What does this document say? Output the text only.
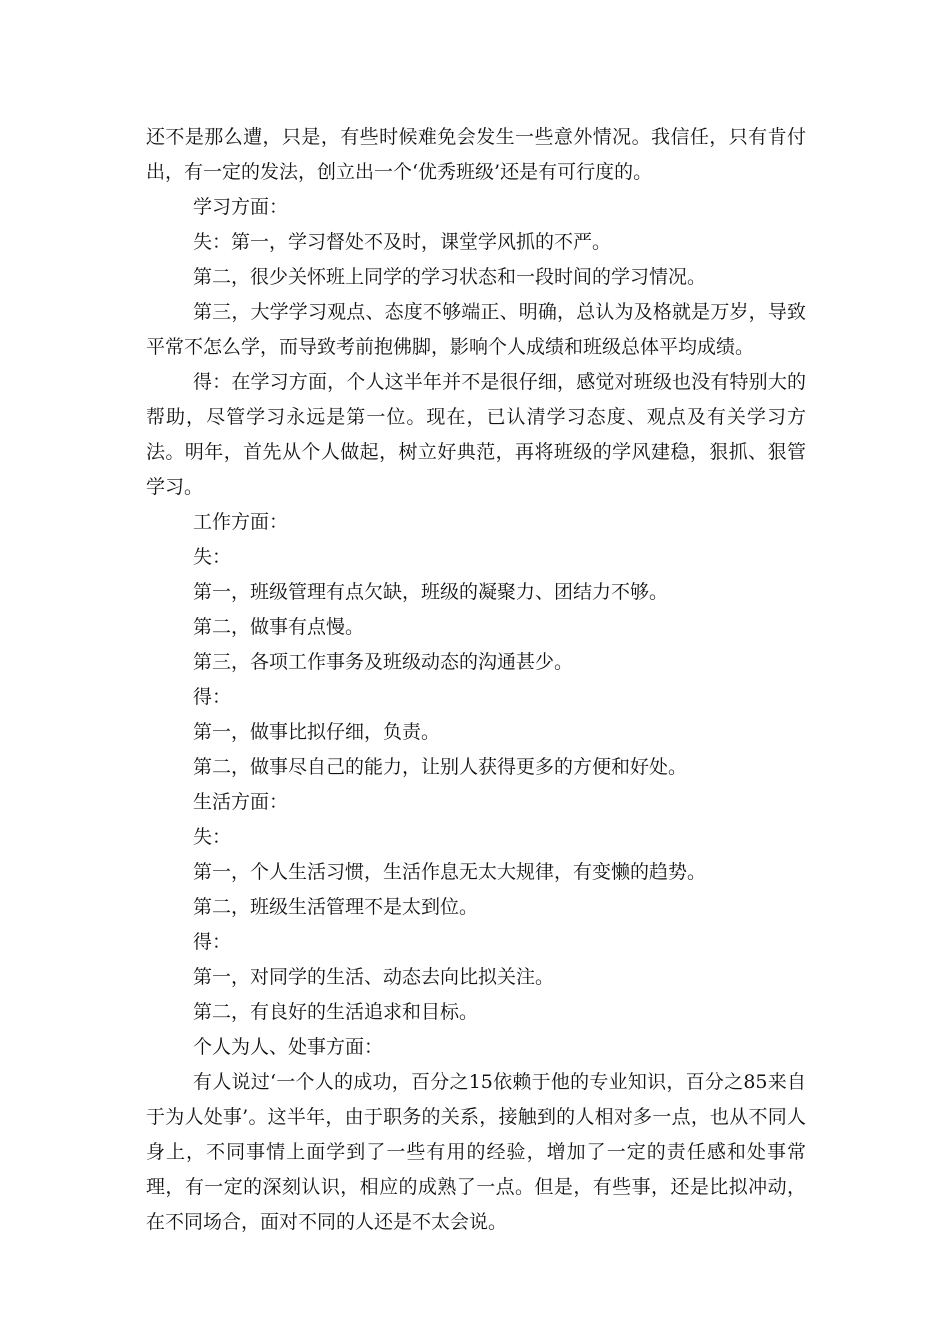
还不是那么遭，只是，有些时候难免会发生一些意外情况。我信任，只有肯付出，有一定的发法，创立出一个‘优秀班级’还是有可行度的。

学习方面：

失：第一，学习督处不及时，课堂学风抓的不严。

第二，很少关怀班上同学的学习状态和一段时间的学习情况。

第三，大学学习观点、态度不够端正、明确，总认为及格就是万岁，导致平常不怎么学，而导致考前抱佛脚，影响个人成绩和班级总体平均成绩。

得：在学习方面，个人这半年并不是很仔细，感觉对班级也没有特别大的帮助，尽管学习永远是第一位。现在，已认清学习态度、观点及有关学习方法。明年，首先从个人做起，树立好典范，再将班级的学风建稳，狠抓、狠管学习。

工作方面：

失：

第一，班级管理有点欠缺，班级的凝聚力、团结力不够。

第二，做事有点慢。

第三，各项工作事务及班级动态的沟通甚少。

得：

第一，做事比拟仔细，负责。

第二，做事尽自己的能力，让别人获得更多的方便和好处。

生活方面：

失：

第一，个人生活习惯，生活作息无太大规律，有变懒的趋势。

第二，班级生活管理不是太到位。

得：

第一，对同学的生活、动态去向比拟关注。

第二，有良好的生活追求和目标。

个人为人、处事方面：

有人说过‘一个人的成功，百分之15依赖于他的专业知识，百分之85来自于为人处事’。这半年，由于职务的关系，接触到的人相对多一点，也从不同人身上，不同事情上面学到了一些有用的经验，增加了一定的责任感和处事常理，有一定的深刻认识，相应的成熟了一点。但是，有些事，还是比拟冲动，在不同场合，面对不同的人还是不太会说。
